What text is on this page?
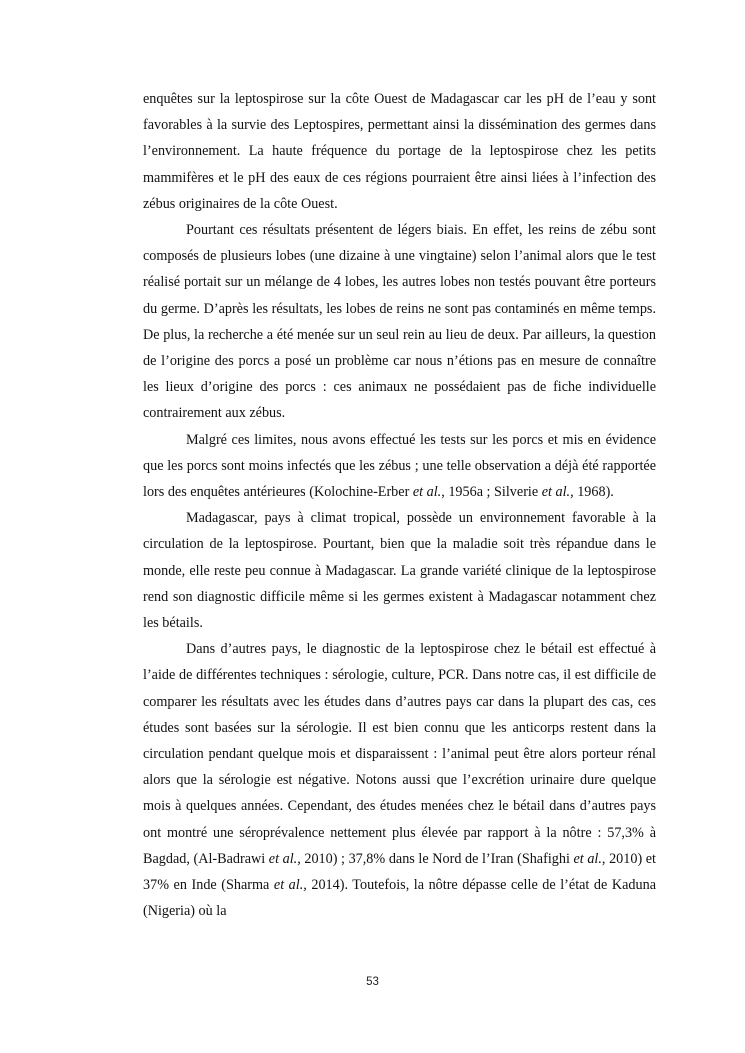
enquêtes sur la leptospirose sur la côte Ouest de Madagascar car les pH de l’eau y sont favorables à la survie des Leptospires, permettant ainsi la dissémination des germes dans l’environnement. La haute fréquence du portage de la leptospirose chez les petits mammifères et le pH des eaux de ces régions pourraient être ainsi liées à l’infection des zébus originaires de la côte Ouest.

Pourtant ces résultats présentent de légers biais. En effet, les reins de zébu sont composés de plusieurs lobes (une dizaine à une vingtaine) selon l’animal alors que le test réalisé portait sur un mélange de 4 lobes, les autres lobes non testés pouvant être porteurs du germe. D’après les résultats, les lobes de reins ne sont pas contaminés en même temps. De plus, la recherche a été menée sur un seul rein au lieu de deux. Par ailleurs, la question de l’origine des porcs a posé un problème car nous n’étions pas en mesure de connaître les lieux d’origine des porcs : ces animaux ne possédaient pas de fiche individuelle contrairement aux zébus.

Malgré ces limites, nous avons effectué les tests sur les porcs et mis en évidence que les porcs sont moins infectés que les zébus ; une telle observation a déjà été rapportée lors des enquêtes antérieures (Kolochine-Erber et al., 1956a ; Silverie et al., 1968).

Madagascar, pays à climat tropical, possède un environnement favorable à la circulation de la leptospirose. Pourtant, bien que la maladie soit très répandue dans le monde, elle reste peu connue à Madagascar. La grande variété clinique de la leptospirose rend son diagnostic difficile même si les germes existent à Madagascar notamment chez les bétails.

Dans d’autres pays, le diagnostic de la leptospirose chez le bétail est effectué à l’aide de différentes techniques : sérologie, culture, PCR. Dans notre cas, il est difficile de comparer les résultats avec les études dans d’autres pays car dans la plupart des cas, ces études sont basées sur la sérologie. Il est bien connu que les anticorps restent dans la circulation pendant quelque mois et disparaissent : l’animal peut être alors porteur rénal alors que la sérologie est négative. Notons aussi que l’excrétion urinaire dure quelque mois à quelques années. Cependant, des études menées chez le bétail dans d’autres pays ont montré une séroprévalence nettement plus élevée par rapport à la nôtre : 57,3% à Bagdad, (Al-Badrawi et al., 2010) ; 37,8% dans le Nord de l’Iran (Shafighi et al., 2010) et 37% en Inde (Sharma et al., 2014). Toutefois, la nôtre dépasse celle de l’état de Kaduna (Nigeria) où la

53
